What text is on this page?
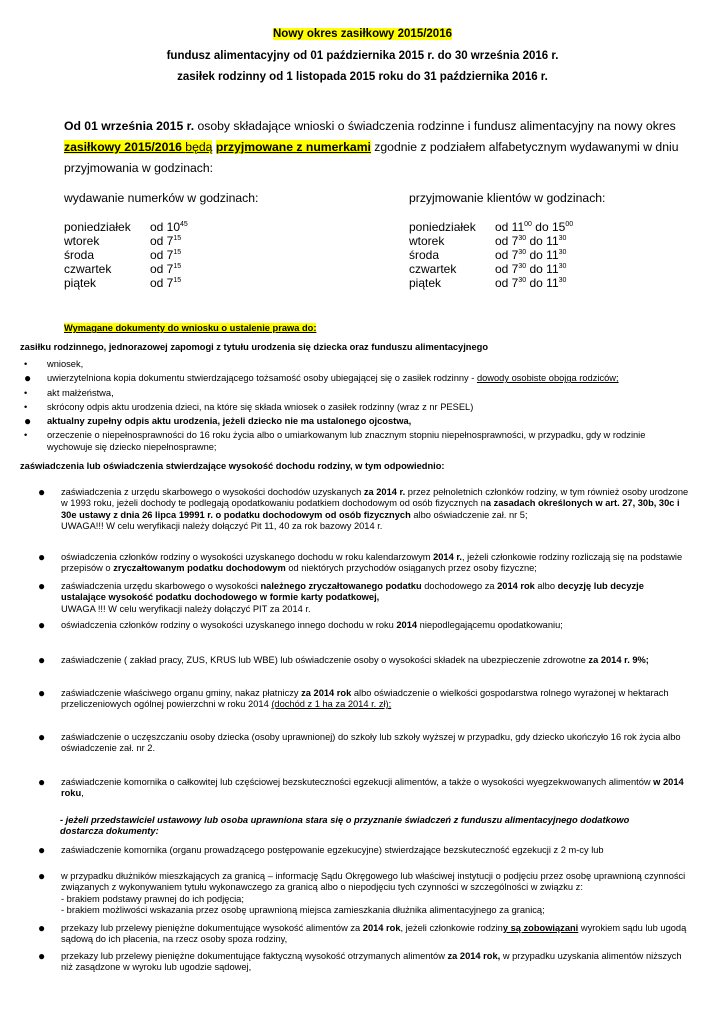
Nowy okres zasiłkowy 2015/2016
fundusz alimentacyjny od 01 października 2015 r. do 30 września 2016 r.
zasiłek rodzinny od 1 listopada 2015 roku do 31 października 2016 r.
Od 01 września 2015 r. osoby składające wnioski o świadczenia rodzinne i fundusz alimentacyjny na nowy okres zasiłkowy 2015/2016 będą przyjmowane z numerkami zgodnie z podziałem alfabetycznym wydawanymi w dniu przyjmowania w godzinach:
wydawanie numerków w godzinach:	przyjmowanie klientów w godzinach:
poniedziałek	od $10^{45}$
wtorek	od $7^{15}$
środa	od $7^{15}$
czwartek	od $7^{15}$
piątek	od $7^{15}$
poniedziałek	od $11^{00}$ do $15^{00}$
wtorek	od $7^{30}$ do $11^{30}$
środa	od $7^{30}$ do $11^{30}$
czwartek	od $7^{30}$ do $11^{30}$
piątek	od $7^{30}$ do $11^{30}$
Wymagane dokumenty do wniosku o ustalenie prawa do:
zasiłku rodzinnego, jednorazowej zapomogi z tytułu urodzenia się dziecka oraz funduszu alimentacyjnego
• wniosek,
● uwierzytelniona kopia dokumentu stwierdzającego tożsamość osoby ubiegającej się o zasiłek rodzinny - dowody osobiste obojga rodziców;
• akt małżeństwa,
• skrócony odpis aktu urodzenia dzieci, na które się składa wniosek o zasiłek rodzinny (wraz z nr PESEL)
● aktualny zupełny odpis aktu urodzenia, jeżeli dziecko nie ma ustalonego ojcostwa,
• orzeczenie o niepełnosprawności do 16 roku życia albo o umiarkowanym lub znacznym stopniu niepełnosprawności, w przypadku, gdy w rodzinie wychowuje się dziecko niepełnosprawne;
zaświadczenia lub oświadczenia stwierdzające wysokość dochodu rodziny, w tym odpowiednio:
● zaświadczenia z urzędu skarbowego o wysokości dochodów uzyskanych za 2014 r. przez pełnoletnich członków rodziny, w tym również osoby urodzone w 1993 roku, jeżeli dochody te podlegają opodatkowaniu podatkiem dochodowym od osób fizycznych na zasadach określonych w art. 27, 30b, 30c i 30e ustawy z dnia 26 lipca 19991 r. o podatku dochodowym od osób fizycznych albo oświadczenie zał. nr 5;
UWAGA!!! W celu weryfikacji należy dołączyć Pit 11, 40 za rok bazowy 2014 r.
● oświadczenia członków rodziny o wysokości uzyskanego dochodu w roku kalendarzowym 2014 r., jeżeli członkowie rodziny rozliczają się na podstawie przepisów o zryczałtowanym podatku dochodowym od niektórych przychodów osiąganych przez osoby fizyczne;
● zaświadczenia urzędu skarbowego o wysokości należnego zryczałtowanego podatku dochodowego za 2014 rok albo decyzję lub decyzje ustalające wysokość podatku dochodowego w formie karty podatkowej,
UWAGA !!! W celu weryfikacji należy dołączyć PIT za 2014 r.
● oświadczenia członków rodziny o wysokości uzyskanego innego dochodu w roku 2014 niepodlegającemu opodatkowaniu;
● zaświadczenie ( zakład pracy, ZUS, KRUS lub WBE) lub oświadczenie osoby o wysokości składek na ubezpieczenie zdrowotne za 2014 r. 9%;
● zaświadczenie właściwego organu gminy, nakaz płatniczy za 2014 rok albo oświadczenie o wielkości gospodarstwa rolnego wyrażonej w hektarach przeliczeniowych ogólnej powierzchni w roku 2014 (dochód z 1 ha za 2014 r. zł);
● zaświadczenie o uczęszczaniu osoby dziecka (osoby uprawnionej) do szkoły lub szkoły wyższej w przypadku, gdy dziecko ukończyło 16 rok życia albo oświadczenie zał. nr 2.
● zaświadczenie komornika o całkowitej lub częściowej bezskuteczności egzekucji alimentów, a także o wysokości wyegzekwowanych alimentów w 2014 roku,
- jeżeli przedstawiciel ustawowy lub osoba uprawniona stara się o przyznanie świadczeń z funduszu alimentacyjnego dodatkowo dostarcza dokumenty:
● zaświadczenie komornika (organu prowadzącego postępowanie egzekucyjne) stwierdzające bezskuteczność egzekucji z 2 m-cy lub
● w przypadku dłużników mieszkających za granicą – informację Sądu Okręgowego lub właściwej instytucji o podjęciu przez osobę uprawnioną czynności związanych z wykonywaniem tytułu wykonawczego za granicą albo o niepodjęciu tych czynności w szczególności w związku z:
- brakiem podstawy prawnej do ich podjęcia;
- brakiem możliwości wskazania przez osobę uprawnioną miejsca zamieszkania dłużnika alimentacyjnego za granicą;
● przekazy lub przelewy pieniężne dokumentujące wysokość alimentów za 2014 rok, jeżeli członkowie rodziny są zobowiązani wyrokiem sądu lub ugodą sądową do ich płacenia, na rzecz osoby spoza rodziny,
● przekazy lub przelewy pieniężne dokumentujące faktyczną wysokość otrzymanych alimentów za 2014 rok, w przypadku uzyskania alimentów niższych niż zasądzone w wyroku lub ugodzie sądowej,
